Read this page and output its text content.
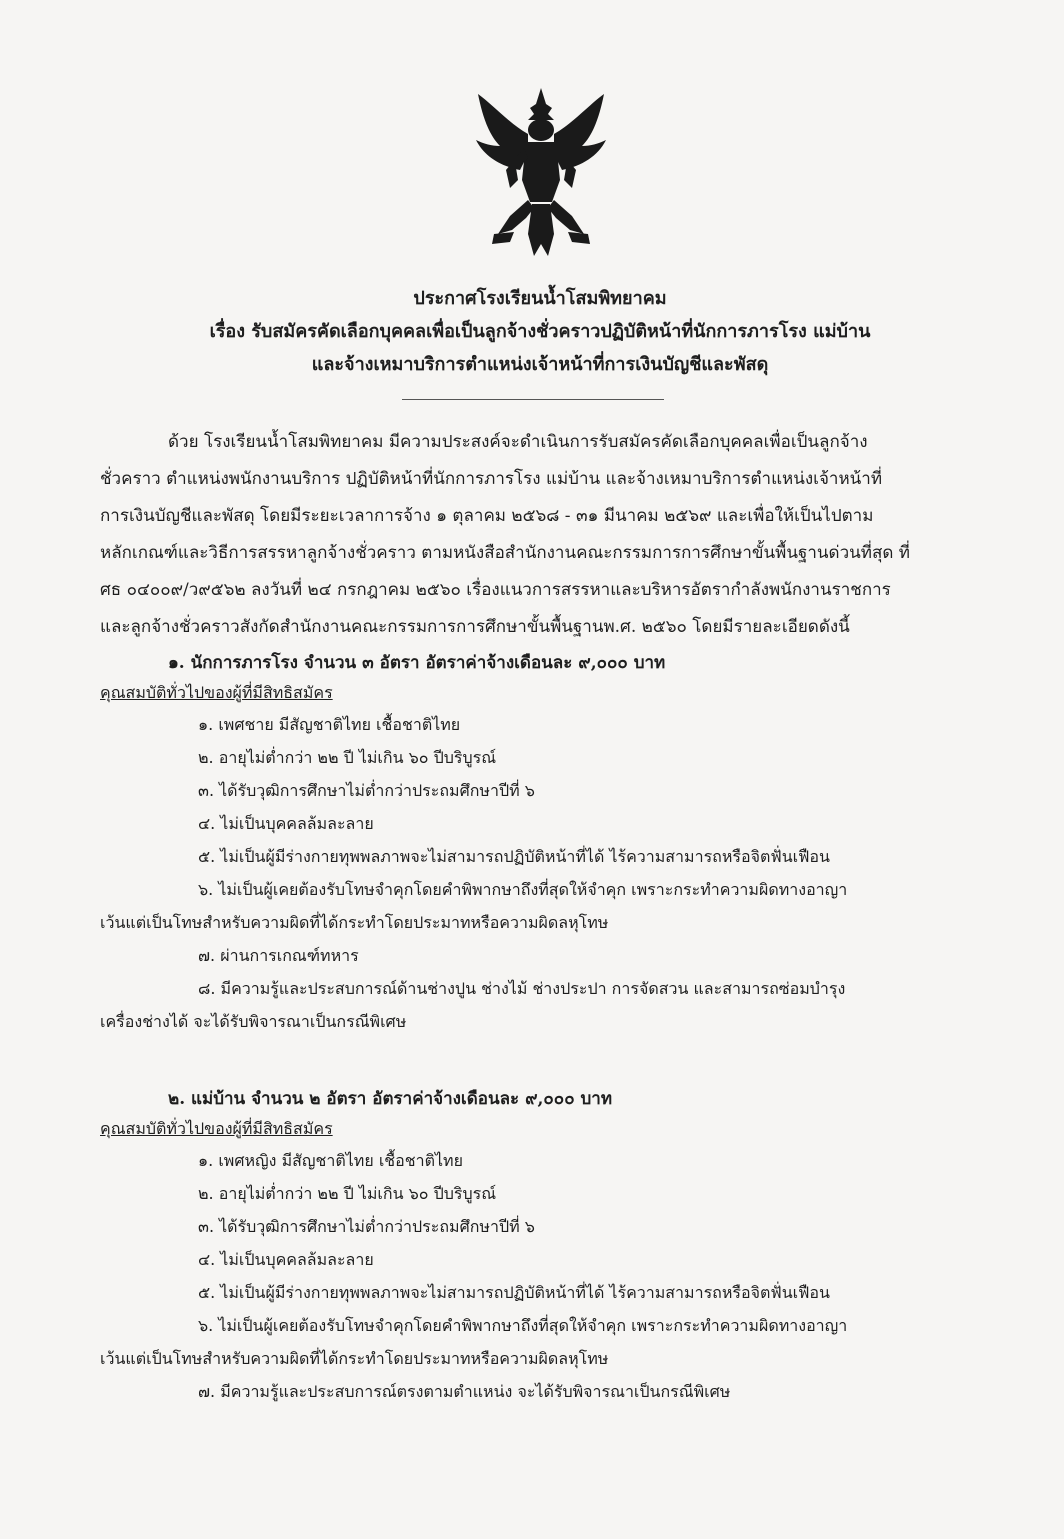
ประกาศโรงเรียนน้ำโสมพิทยาคม
เรื่อง รับสมัครคัดเลือกบุคคลเพื่อเป็นลูกจ้างชั่วคราวปฏิบัติหน้าที่นักการภารโรง แม่บ้าน
และจ้างเหมาบริการตำแหน่งเจ้าหน้าที่การเงินบัญชีและพัสดุ

ด้วย โรงเรียนน้ำโสมพิทยาคม มีความประสงค์จะดำเนินการรับสมัครคัดเลือกบุคคลเพื่อเป็นลูกจ้าง

ชั่วคราว ตำแหน่งพนักงานบริการ ปฏิบัติหน้าที่นักการภารโรง แม่บ้าน และจ้างเหมาบริการตำแหน่งเจ้าหน้าที่

การเงินบัญชีและพัสดุ โดยมีระยะเวลาการจ้าง ๑ ตุลาคม ๒๕๖๘ - ๓๑ มีนาคม ๒๕๖๙ และเพื่อให้เป็นไปตาม

หลักเกณฑ์และวิธีการสรรหาลูกจ้างชั่วคราว ตามหนังสือสำนักงานคณะกรรมการการศึกษาขั้นพื้นฐานด่วนที่สุด ที่

ศธ ๐๔๐๐๙/ว๙๕๖๒ ลงวันที่ ๒๔ กรกฎาคม ๒๕๖๐ เรื่องแนวการสรรหาและบริหารอัตรากำลังพนักงานราชการ

และลูกจ้างชั่วคราวสังกัดสำนักงานคณะกรรมการการศึกษาขั้นพื้นฐานพ.ศ. ๒๕๖๐ โดยมีรายละเอียดดังนี้

๑. นักการภารโรง จำนวน ๓ อัตรา อัตราค่าจ้างเดือนละ ๙,๐๐๐ บาท
คุณสมบัติทั่วไปของผู้ที่มีสิทธิสมัคร
๑. เพศชาย มีสัญชาติไทย เชื้อชาติไทย
๒. อายุไม่ต่ำกว่า ๒๒ ปี ไม่เกิน ๖๐ ปีบริบูรณ์
๓. ได้รับวุฒิการศึกษาไม่ต่ำกว่าประถมศึกษาปีที่ ๖
๔. ไม่เป็นบุคคลล้มละลาย
๕. ไม่เป็นผู้มีร่างกายทุพพลภาพจะไม่สามารถปฏิบัติหน้าที่ได้ ไร้ความสามารถหรือจิตฟั่นเฟือน
๖. ไม่เป็นผู้เคยต้องรับโทษจำคุกโดยคำพิพากษาถึงที่สุดให้จำคุก เพราะกระทำความผิดทางอาญา
เว้นแต่เป็นโทษสำหรับความผิดที่ได้กระทำโดยประมาทหรือความผิดลหุโทษ
๗. ผ่านการเกณฑ์ทหาร
๘. มีความรู้และประสบการณ์ด้านช่างปูน ช่างไม้ ช่างประปา การจัดสวน และสามารถซ่อมบำรุง
เครื่องช่างได้ จะได้รับพิจารณาเป็นกรณีพิเศษ
๒. แม่บ้าน จำนวน ๒ อัตรา อัตราค่าจ้างเดือนละ ๙,๐๐๐ บาท
คุณสมบัติทั่วไปของผู้ที่มีสิทธิสมัคร
๑. เพศหญิง มีสัญชาติไทย เชื้อชาติไทย
๒. อายุไม่ต่ำกว่า ๒๒ ปี ไม่เกิน ๖๐ ปีบริบูรณ์
๓. ได้รับวุฒิการศึกษาไม่ต่ำกว่าประถมศึกษาปีที่ ๖
๔. ไม่เป็นบุคคลล้มละลาย
๕. ไม่เป็นผู้มีร่างกายทุพพลภาพจะไม่สามารถปฏิบัติหน้าที่ได้ ไร้ความสามารถหรือจิตฟั่นเฟือน
๖. ไม่เป็นผู้เคยต้องรับโทษจำคุกโดยคำพิพากษาถึงที่สุดให้จำคุก เพราะกระทำความผิดทางอาญา
เว้นแต่เป็นโทษสำหรับความผิดที่ได้กระทำโดยประมาทหรือความผิดลหุโทษ
๗. มีความรู้และประสบการณ์ตรงตามตำแหน่ง จะได้รับพิจารณาเป็นกรณีพิเศษ
